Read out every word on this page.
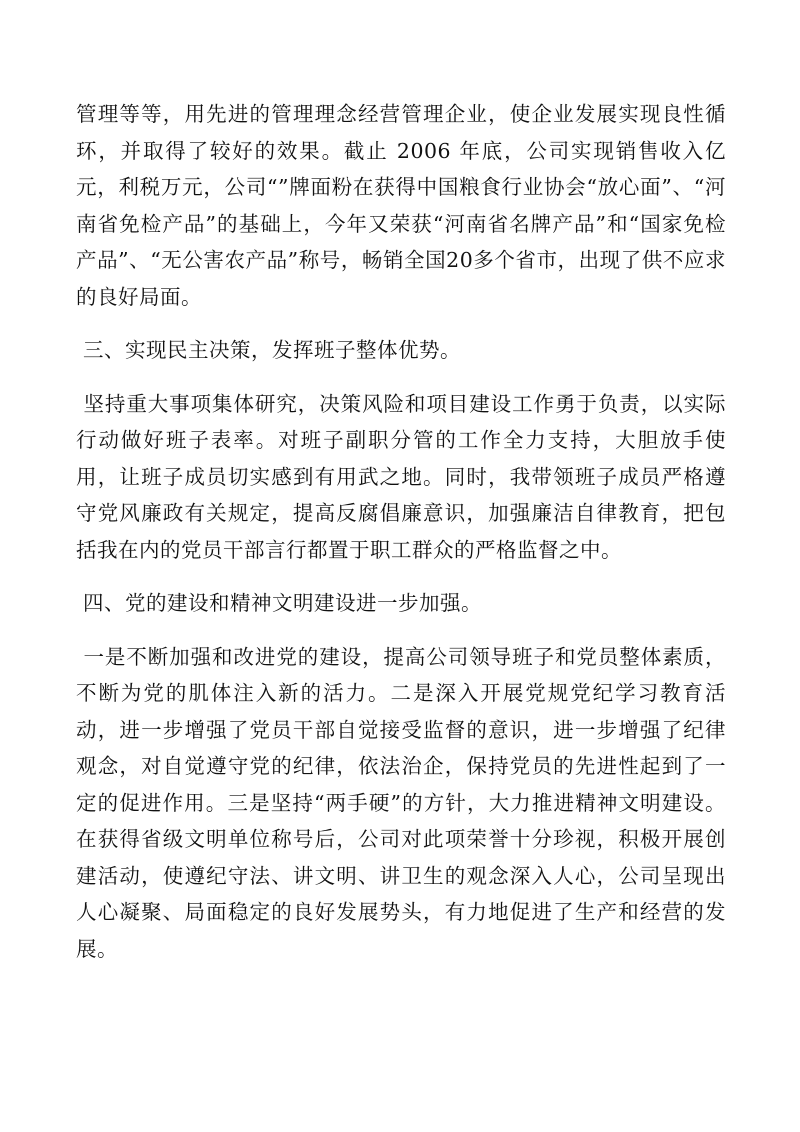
管理等等，用先进的管理理念经营管理企业，使企业发展实现良性循环，并取得了较好的效果。截止 2006 年底，公司实现销售收入亿元，利税万元，公司“”牌面粉在获得中国粮食行业协会“放心面”、“河南省免检产品”的基础上，今年又荣获“河南省名牌产品”和“国家免检产品”、“无公害农产品”称号，畅销全国20多个省市，出现了供不应求的良好局面。

三、实现民主决策，发挥班子整体优势。

坚持重大事项集体研究，决策风险和项目建设工作勇于负责，以实际行动做好班子表率。对班子副职分管的工作全力支持，大胆放手使用，让班子成员切实感到有用武之地。同时，我带领班子成员严格遵守党风廉政有关规定，提高反腐倡廉意识，加强廉洁自律教育，把包括我在内的党员干部言行都置于职工群众的严格监督之中。

四、党的建设和精神文明建设进一步加强。

一是不断加强和改进党的建设，提高公司领导班子和党员整体素质，不断为党的肌体注入新的活力。二是深入开展党规党纪学习教育活动，进一步增强了党员干部自觉接受监督的意识，进一步增强了纪律观念，对自觉遵守党的纪律，依法治企，保持党员的先进性起到了一定的促进作用。三是坚持“两手硬”的方针，大力推进精神文明建设。在获得省级文明单位称号后，公司对此项荣誉十分珍视，积极开展创建活动，使遵纪守法、讲文明、讲卫生的观念深入人心，公司呈现出人心凝聚、局面稳定的良好发展势头，有力地促进了生产和经营的发展。
